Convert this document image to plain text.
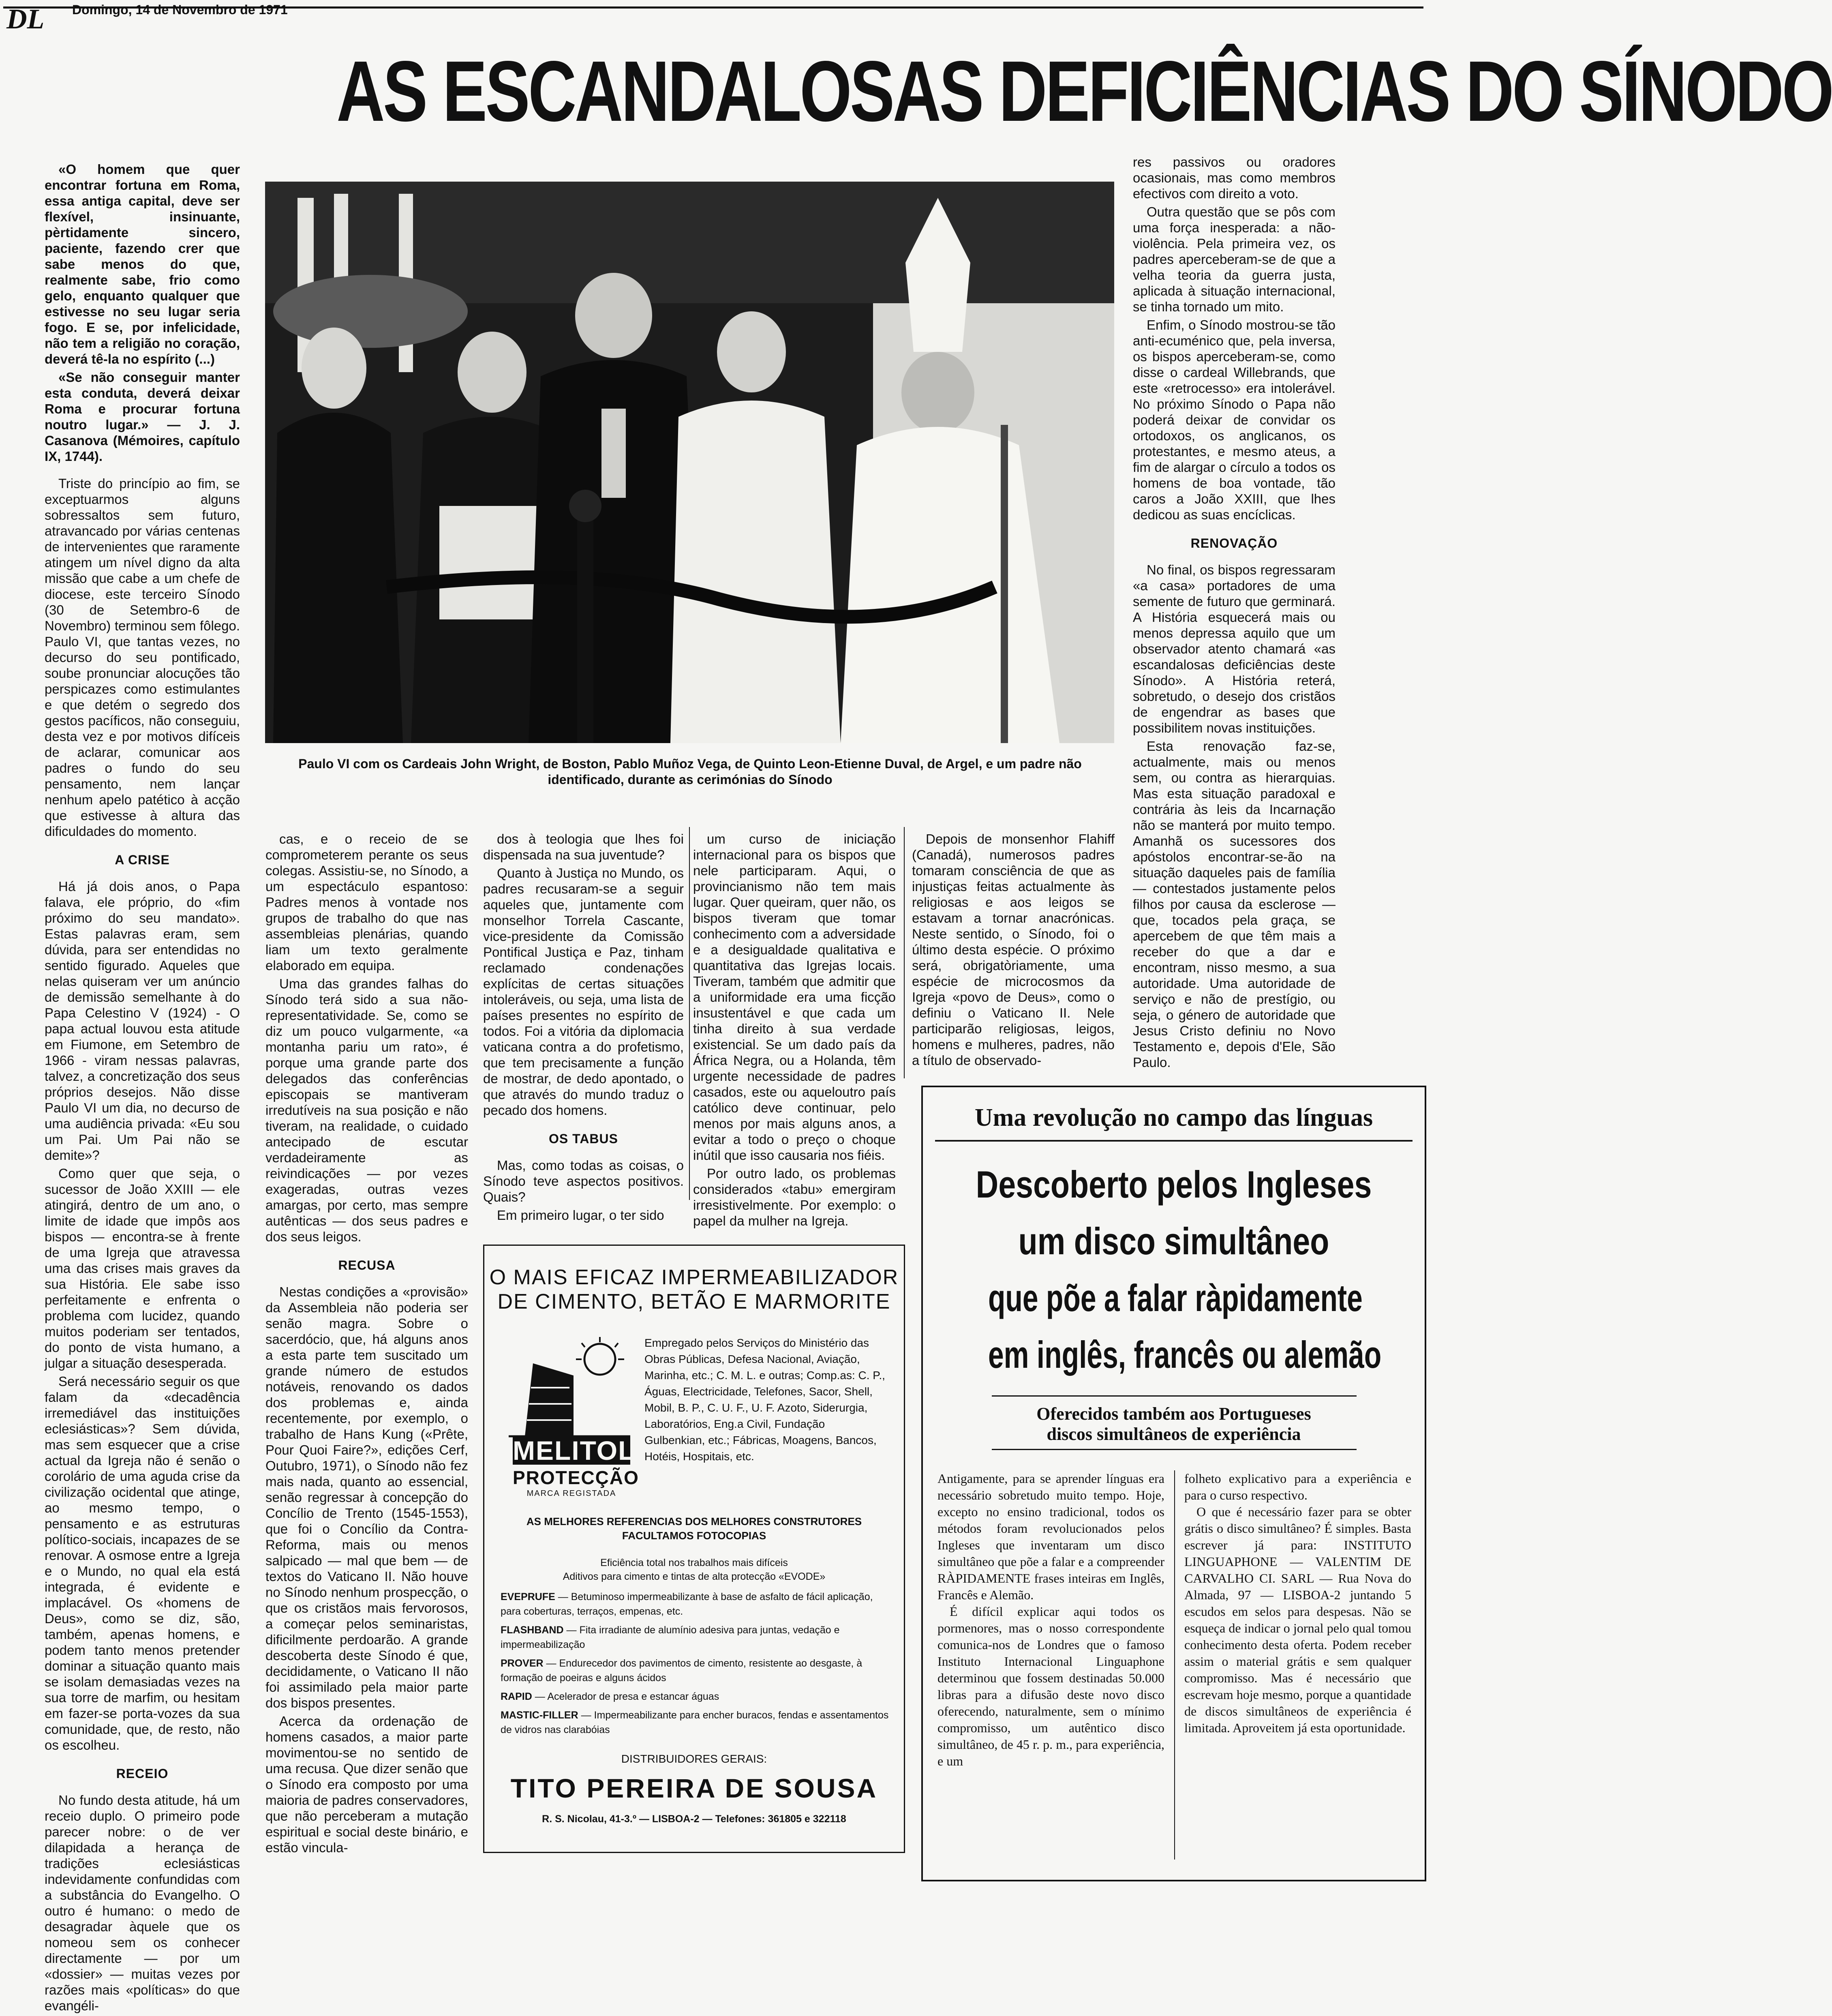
DL Domingo, 14 de Novembro de 1971
AS ESCANDALOSAS DEFICIÊNCIAS DO SÍNODO
Paulo VI com os Cardeais John Wright, de Boston, Pablo Muñoz Vega, de Quinto Leon-Etienne Duval, de Argel, e um padre não identificado, durante as cerimónias do Sínodo

«O homem que quer encontrar fortuna em Roma, essa antiga capital, deve ser flexível, insinuante, pèrtidamente sincero, paciente, fazendo crer que sabe menos do que, realmente sabe, frio como gelo, enquanto qualquer que estivesse no seu lugar seria fogo. E se, por infelicidade, não tem a religião no coração, deverá tê-la no espírito (...)

«Se não conseguir manter esta conduta, deverá deixar Roma e procurar fortuna noutro lugar.» — J. J. Casanova (Mémoires, capítulo IX, 1744).

Triste do princípio ao fim, se exceptuarmos alguns sobressaltos sem futuro, atravancado por várias centenas de intervenientes que raramente atingem um nível digno da alta missão que cabe a um chefe de diocese, este terceiro Sínodo (30 de Setembro-6 de Novembro) terminou sem fôlego. Paulo VI, que tantas vezes, no decurso do seu pontificado, soube pronunciar alocuções tão perspicazes como estimulantes e que detém o segredo dos gestos pacíficos, não conseguiu, desta vez e por motivos difíceis de aclarar, comunicar aos padres o fundo do seu pensamento, nem lançar nenhum apelo patético à acção que estivesse à altura das dificuldades do momento.

A CRISE

Há já dois anos, o Papa falava, ele próprio, do «fim próximo do seu mandato». Estas palavras eram, sem dúvida, para ser entendidas no sentido figurado. Aqueles que nelas quiseram ver um anúncio de demissão semelhante à do Papa Celestino V (1924) - O papa actual louvou esta atitude em Fiumone, em Setembro de 1966 - viram nessas palavras, talvez, a concretização dos seus próprios desejos. Não disse Paulo VI um dia, no decurso de uma audiência privada: «Eu sou um Pai. Um Pai não se demite»?

Como quer que seja, o sucessor de João XXIII — ele atingirá, dentro de um ano, o limite de idade que impôs aos bispos — encontra-se à frente de uma Igreja que atravessa uma das crises mais graves da sua História. Ele sabe isso perfeitamente e enfrenta o problema com lucidez, quando muitos poderiam ser tentados, do ponto de vista humano, a julgar a situação desesperada.

Será necessário seguir os que falam da «decadência irremediável das instituições eclesiásticas»? Sem dúvida, mas sem esquecer que a crise actual da Igreja não é senão o corolário de uma aguda crise da civilização ocidental que atinge, ao mesmo tempo, o pensamento e as estruturas político-sociais, incapazes de se renovar. A osmose entre a Igreja e o Mundo, no qual ela está integrada, é evidente e implacável. Os «homens de Deus», como se diz, são, também, apenas homens, e podem tanto menos pretender dominar a situação quanto mais se isolam demasiadas vezes na sua torre de marfim, ou hesitam em fazer-se porta-vozes da sua comunidade, que, de resto, não os escolheu.

RECEIO

No fundo desta atitude, há um receio duplo. O primeiro pode parecer nobre: o de ver dilapidada a herança de tradições eclesiásticas indevidamente confundidas com a substância do Evangelho. O outro é humano: o medo de desagradar àquele que os nomeou sem os conhecer directamente — por um «dossier» — muitas vezes por razões mais «políticas» do que evangéli-

cas, e o receio de se comprometerem perante os seus colegas. Assistiu-se, no Sínodo, a um espectáculo espantoso: Padres menos à vontade nos grupos de trabalho do que nas assembleias plenárias, quando liam um texto geralmente elaborado em equipa.

Uma das grandes falhas do Sínodo terá sido a sua não-representatividade. Se, como se diz um pouco vulgarmente, «a montanha pariu um rato», é porque uma grande parte dos delegados das conferências episcopais se mantiveram irredutíveis na sua posição e não tiveram, na realidade, o cuidado antecipado de escutar verdadeiramente as reivindicações — por vezes exageradas, outras vezes amargas, por certo, mas sempre autênticas — dos seus padres e dos seus leigos.

RECUSA

Nestas condições a «provisão» da Assembleia não poderia ser senão magra. Sobre o sacerdócio, que, há alguns anos a esta parte tem suscitado um grande número de estudos notáveis, renovando os dados dos problemas e, ainda recentemente, por exemplo, o trabalho de Hans Kung («Prête, Pour Quoi Faire?», edições Cerf, Outubro, 1971), o Sínodo não fez mais nada, quanto ao essencial, senão regressar à concepção do Concílio de Trento (1545-1553), que foi o Concílio da Contra-Reforma, mais ou menos salpicado — mal que bem — de textos do Vaticano II. Não houve no Sínodo nenhum prospecção, o que os cristãos mais fervorosos, a começar pelos seminaristas, dificilmente perdoarão. A grande descoberta deste Sínodo é que, decididamente, o Vaticano II não foi assimilado pela maior parte dos bispos presentes.

Acerca da ordenação de homens casados, a maior parte movimentou-se no sentido de uma recusa. Que dizer senão que o Sínodo era composto por uma maioria de padres conservadores, que não perceberam a mutação espiritual e social deste binário, e estão vincula-

dos à teologia que lhes foi dispensada na sua juventude?

Quanto à Justiça no Mundo, os padres recusaram-se a seguir aqueles que, juntamente com monselhor Torrela Cascante, vice-presidente da Comissão Pontifical Justiça e Paz, tinham reclamado condenações explícitas de certas situações intoleráveis, ou seja, uma lista de países presentes no espírito de todos. Foi a vitória da diplomacia vaticana contra a do profetismo, que tem precisamente a função de mostrar, de dedo apontado, o que através do mundo traduz o pecado dos homens.

OS TABUS

Mas, como todas as coisas, o Sínodo teve aspectos positivos. Quais?

Em primeiro lugar, o ter sido

um curso de iniciação internacional para os bispos que nele participaram. Aqui, o provincianismo não tem mais lugar. Quer queiram, quer não, os bispos tiveram que tomar conhecimento com a adversidade e a desigualdade qualitativa e quantitativa das Igrejas locais. Tiveram, também que admitir que a uniformidade era uma ficção insustentável e que cada um tinha direito à sua verdade existencial. Se um dado país da África Negra, ou a Holanda, têm urgente necessidade de padres casados, este ou aqueloutro país católico deve continuar, pelo menos por mais alguns anos, a evitar a todo o preço o choque inútil que isso causaria nos fiéis.

Por outro lado, os problemas considerados «tabu» emergiram irresistivelmente. Por exemplo: o papel da mulher na Igreja.

Depois de monsenhor Flahiff (Canadá), numerosos padres tomaram consciência de que as injustiças feitas actualmente às religiosas e aos leigos se estavam a tornar anacrónicas. Neste sentido, o Sínodo, foi o último desta espécie. O próximo será, obrigatòriamente, uma espécie de microcosmos da Igreja «povo de Deus», como o definiu o Vaticano II. Nele participarão religiosas, leigos, homens e mulheres, padres, não a título de observado-

res passivos ou oradores ocasionais, mas como membros efectivos com direito a voto.

Outra questão que se pôs com uma força inesperada: a não-violência. Pela primeira vez, os padres aperceberam-se de que a velha teoria da guerra justa, aplicada à situação internacional, se tinha tornado um mito.

Enfim, o Sínodo mostrou-se tão anti-ecuménico que, pela inversa, os bispos aperceberam-se, como disse o cardeal Willebrands, que este «retrocesso» era intolerável. No próximo Sínodo o Papa não poderá deixar de convidar os ortodoxos, os anglicanos, os protestantes, e mesmo ateus, a fim de alargar o círculo a todos os homens de boa vontade, tão caros a João XXIII, que lhes dedicou as suas encíclicas.

RENOVAÇÃO

No final, os bispos regressaram «a casa» portadores de uma semente de futuro que germinará. A História esquecerá mais ou menos depressa aquilo que um observador atento chamará «as escandalosas deficiências deste Sínodo». A História reterá, sobretudo, o desejo dos cristãos de engendrar as bases que possibilitem novas instituições.

Esta renovação faz-se, actualmente, mais ou menos sem, ou contra as hierarquias. Mas esta situação paradoxal e contrária às leis da Incarnação não se manterá por muito tempo. Amanhã os sucessores dos apóstolos encontrar-se-ão na situação daqueles pais de família — contestados justamente pelos filhos por causa da esclerose — que, tocados pela graça, se apercebem de que têm mais a receber do que a dar e encontram, nisso mesmo, a sua autoridade. Uma autoridade de serviço e não de prestígio, ou seja, o género de autoridade que Jesus Cristo definiu no Novo Testamento e, depois d'Ele, São Paulo.

O MAIS EFICAZ IMPERMEABILIZADOR
DE CIMENTO, BETÃO E MARMORITE
MELITOL
PROTECÇÃO
MARCA REGISTADA
Empregado pelos Serviços do Ministério das Obras Públicas, Defesa Nacional, Aviação, Marinha, etc.; C. M. L. e outras; Comp.as: C. P., Águas, Electricidade, Telefones, Sacor, Shell, Mobil, B. P., C. U. F., U. F. Azoto, Siderurgia, Laboratórios, Eng.a Civil, Fundação Gulbenkian, etc.; Fábricas, Moagens, Bancos, Hotéis, Hospitais, etc.
AS MELHORES REFERENCIAS DOS MELHORES CONSTRUTORES
FACULTAMOS FOTOCOPIAS
Eficiência total nos trabalhos mais difíceis
Aditivos para cimento e tintas de alta protecção «EVODE»
EVEPRUFE — Betuminoso impermeabilizante à base de asfalto de fácil aplicação, para coberturas, terraços, empenas, etc.
FLASHBAND — Fita irradiante de alumínio adesiva para juntas, vedação e impermeabilização
PROVER — Endurecedor dos pavimentos de cimento, resistente ao desgaste, à formação de poeiras e alguns ácidos
RAPID — Acelerador de presa e estancar águas
MASTIC-FILLER — Impermeabilizante para encher buracos, fendas e assentamentos de vidros nas clarabóias
DISTRIBUIDORES GERAIS:
TITO PEREIRA DE SOUSA
R. S. Nicolau, 41-3.º — LISBOA-2 — Telefones: 361805 e 322118
Uma revolução no campo das línguas
Descoberto pelos Ingleses
um disco simultâneo
que põe a falar ràpidamente
em inglês, francês ou alemão
Oferecidos também aos Portugueses
discos simultâneos de experiência

Antigamente, para se aprender línguas era necessário sobretudo muito tempo. Hoje, excepto no ensino tradicional, todos os métodos foram revolucionados pelos Ingleses que inventaram um disco simultâneo que põe a falar e a compreender RÀPIDAMENTE frases inteiras em Inglês, Francês e Alemão.

É difícil explicar aqui todos os pormenores, mas o nosso correspondente comunica-nos de Londres que o famoso Instituto Internacional Linguaphone determinou que fossem destinadas 50.000 libras para a difusão deste novo disco oferecendo, naturalmente, sem o mínimo compromisso, um autêntico disco simultâneo, de 45 r. p. m., para experiência, e um

folheto explicativo para a experiência e para o curso respectivo.

O que é necessário fazer para se obter grátis o disco simultâneo? É simples. Basta escrever já para: INSTITUTO LINGUAPHONE — VALENTIM DE CARVALHO CI. SARL — Rua Nova do Almada, 97 — LISBOA-2 juntando 5 escudos em selos para despesas. Não se esqueça de indicar o jornal pelo qual tomou conhecimento desta oferta. Podem receber assim o material grátis e sem qualquer compromisso. Mas é necessário que escrevam hoje mesmo, porque a quantidade de discos simultâneos de experiência é limitada. Aproveitem já esta oportunidade.
